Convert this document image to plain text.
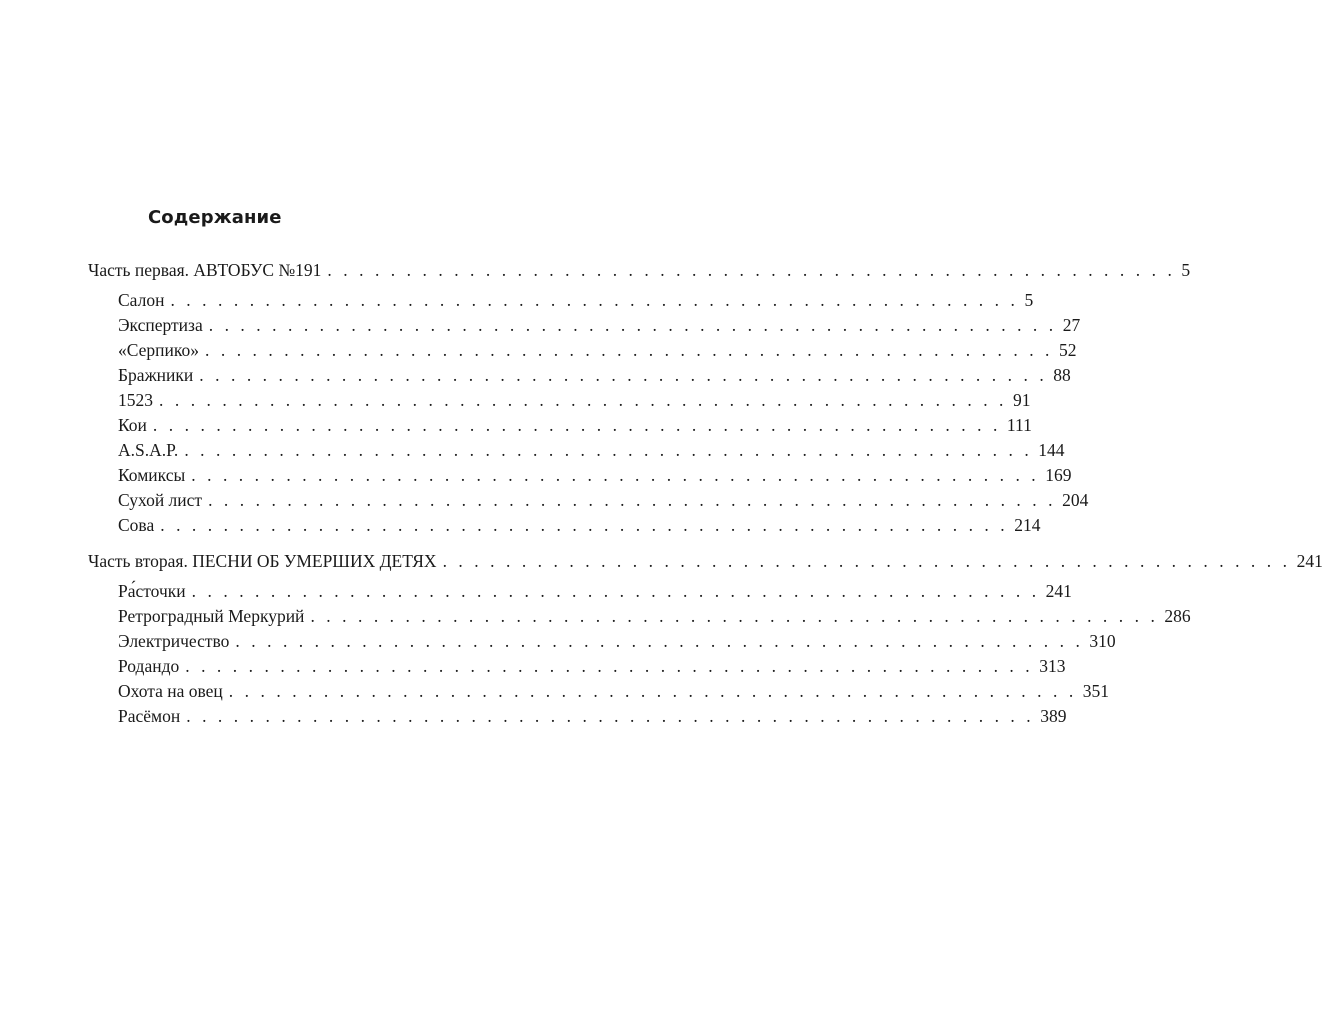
Содержание
Часть первая. АВТОБУС №191 . . . . . . . . . . . . . . . . . . . . . . . . . . . . . . . . . . . . . . . . . . . . . . . . . . . . . . 5
Салон . . . . . . . . . . . . . . . . . . . . . . . . . . . . . . . . . . . . . . . . . . . . . . . . . . . . . . 5
Экспертиза . . . . . . . . . . . . . . . . . . . . . . . . . . . . . . . . . . . . . . . . . . . . . . . . . . . . . . 27
«Серпико» . . . . . . . . . . . . . . . . . . . . . . . . . . . . . . . . . . . . . . . . . . . . . . . . . . . . . . 52
Бражники . . . . . . . . . . . . . . . . . . . . . . . . . . . . . . . . . . . . . . . . . . . . . . . . . . . . . . 88
1523 . . . . . . . . . . . . . . . . . . . . . . . . . . . . . . . . . . . . . . . . . . . . . . . . . . . . . . 91
Кои . . . . . . . . . . . . . . . . . . . . . . . . . . . . . . . . . . . . . . . . . . . . . . . . . . . . . . 111
A.S.A.P. . . . . . . . . . . . . . . . . . . . . . . . . . . . . . . . . . . . . . . . . . . . . . . . . . . . . . . 144
Комиксы . . . . . . . . . . . . . . . . . . . . . . . . . . . . . . . . . . . . . . . . . . . . . . . . . . . . . . 169
Сухой лист . . . . . . . . . . . . . . . . . . . . . . . . . . . . . . . . . . . . . . . . . . . . . . . . . . . . . . 204
Сова . . . . . . . . . . . . . . . . . . . . . . . . . . . . . . . . . . . . . . . . . . . . . . . . . . . . . . 214
Часть вторая. ПЕСНИ ОБ УМЕРШИХ ДЕТЯХ . . . . . . . . . . . . . . . . . . . . . . . . . . . . . . . . . . . . . . . . . . . . . . . . . . . . . . 241
Ра́сточки . . . . . . . . . . . . . . . . . . . . . . . . . . . . . . . . . . . . . . . . . . . . . . . . . . . . . . 241
Ретроградный Меркурий . . . . . . . . . . . . . . . . . . . . . . . . . . . . . . . . . . . . . . . . . . . . . . . . . . . . . . 286
Электричество . . . . . . . . . . . . . . . . . . . . . . . . . . . . . . . . . . . . . . . . . . . . . . . . . . . . . . 310
Родандо . . . . . . . . . . . . . . . . . . . . . . . . . . . . . . . . . . . . . . . . . . . . . . . . . . . . . . 313
Охота на овец . . . . . . . . . . . . . . . . . . . . . . . . . . . . . . . . . . . . . . . . . . . . . . . . . . . . . . 351
Расёмон . . . . . . . . . . . . . . . . . . . . . . . . . . . . . . . . . . . . . . . . . . . . . . . . . . . . . . 389
